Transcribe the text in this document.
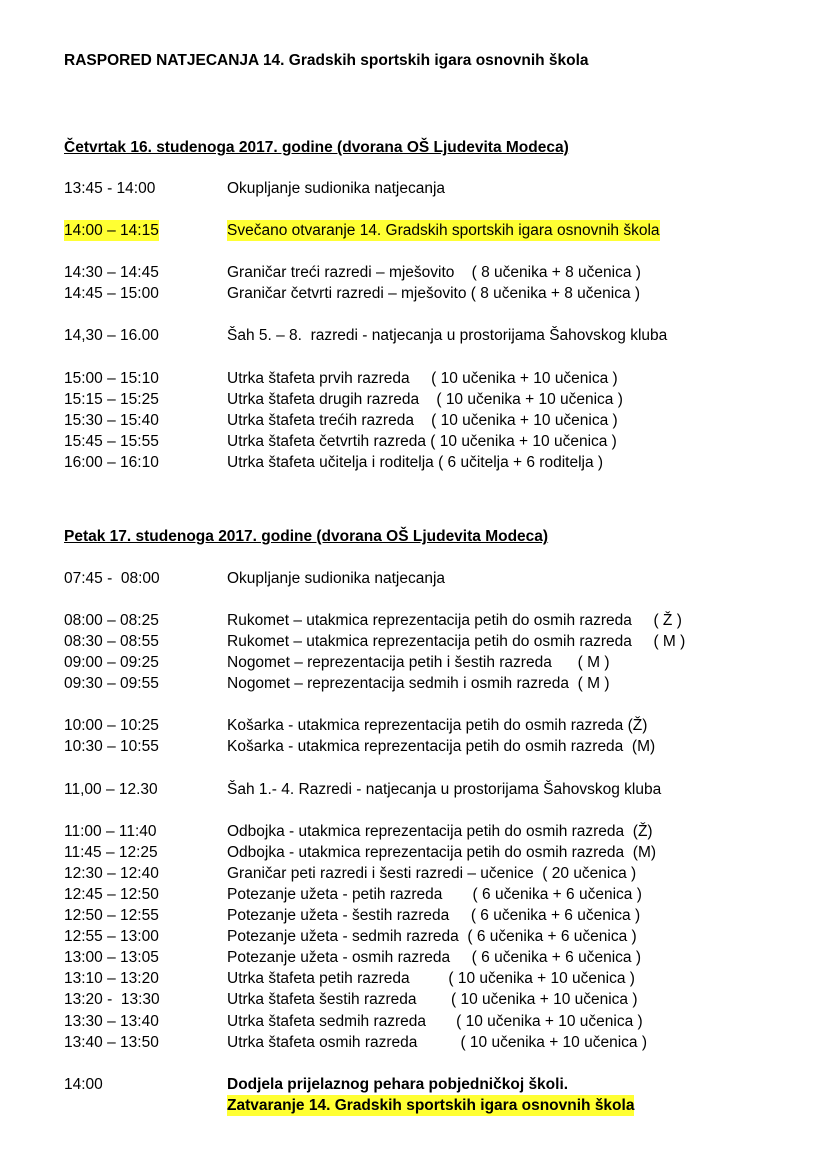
RASPORED NATJECANJA 14. Gradskih sportskih igara osnovnih škola
Četvrtak 16. studenoga 2017. godine (dvorana OŠ Ljudevita Modeca)
13:45 - 14:00	Okupljanje sudionika natjecanja
14:00 – 14:15	Svečano otvaranje 14. Gradskih sportskih igara osnovnih škola
14:30 – 14:45	Graničar treći razredi – mješovito    ( 8 učenika + 8 učenica )
14:45 – 15:00	Graničar četvrti razredi – mješovito ( 8 učenika + 8 učenica )
14,30 – 16.00	Šah 5. – 8.  razredi - natjecanja u prostorijama Šahovskog kluba
15:00 – 15:10	Utrka štafeta prvih razreda     ( 10 učenika + 10 učenica )
15:15 – 15:25	Utrka štafeta drugih razreda    ( 10 učenika + 10 učenica )
15:30 – 15:40	Utrka štafeta trećih razreda    ( 10 učenika + 10 učenica )
15:45 – 15:55	Utrka štafeta četvrtih razreda ( 10 učenika + 10 učenica )
16:00 – 16:10	Utrka štafeta učitelja i roditelja ( 6 učitelja + 6 roditelja )
Petak 17. studenoga 2017. godine (dvorana OŠ Ljudevita Modeca)
07:45 -  08:00	Okupljanje sudionika natjecanja
08:00 – 08:25	Rukomet – utakmica reprezentacija petih do osmih razreda     ( Ž )
08:30 – 08:55	Rukomet – utakmica reprezentacija petih do osmih razreda     ( M )
09:00 – 09:25	Nogomet – reprezentacija petih i šestih razreda      ( M )
09:30 – 09:55	Nogomet – reprezentacija sedmih i osmih razreda  ( M )
10:00 – 10:25	Košarka - utakmica reprezentacija petih do osmih razreda (Ž)
10:30 – 10:55	Košarka - utakmica reprezentacija petih do osmih razreda  (M)
11,00 – 12.30	Šah 1.- 4. Razredi - natjecanja u prostorijama Šahovskog kluba
11:00 – 11:40	Odbojka - utakmica reprezentacija petih do osmih razreda  (Ž)
11:45 – 12:25	Odbojka - utakmica reprezentacija petih do osmih razreda  (M)
12:30 – 12:40	Graničar peti razredi i šesti razredi – učenice  ( 20 učenica )
12:45 – 12:50	Potezanje užeta - petih razreda       ( 6 učenika + 6 učenica )
12:50 – 12:55	Potezanje užeta - šestih razreda     ( 6 učenika + 6 učenica )
12:55 – 13:00	Potezanje užeta - sedmih razreda  ( 6 učenika + 6 učenica )
13:00 – 13:05	Potezanje užeta - osmih razreda     ( 6 učenika + 6 učenica )
13:10 – 13:20	Utrka štafeta petih razreda         ( 10 učenika + 10 učenica )
13:20 -  13:30	Utrka štafeta šestih razreda        ( 10 učenika + 10 učenica )
13:30 – 13:40	Utrka štafeta sedmih razreda       ( 10 učenika + 10 učenica )
13:40 – 13:50	Utrka štafeta osmih razreda          ( 10 učenika + 10 učenica )
14:00	Dodjela prijelaznog pehara pobjedničkoj školi.
Zatvaranje 14. Gradskih sportskih igara osnovnih škola
